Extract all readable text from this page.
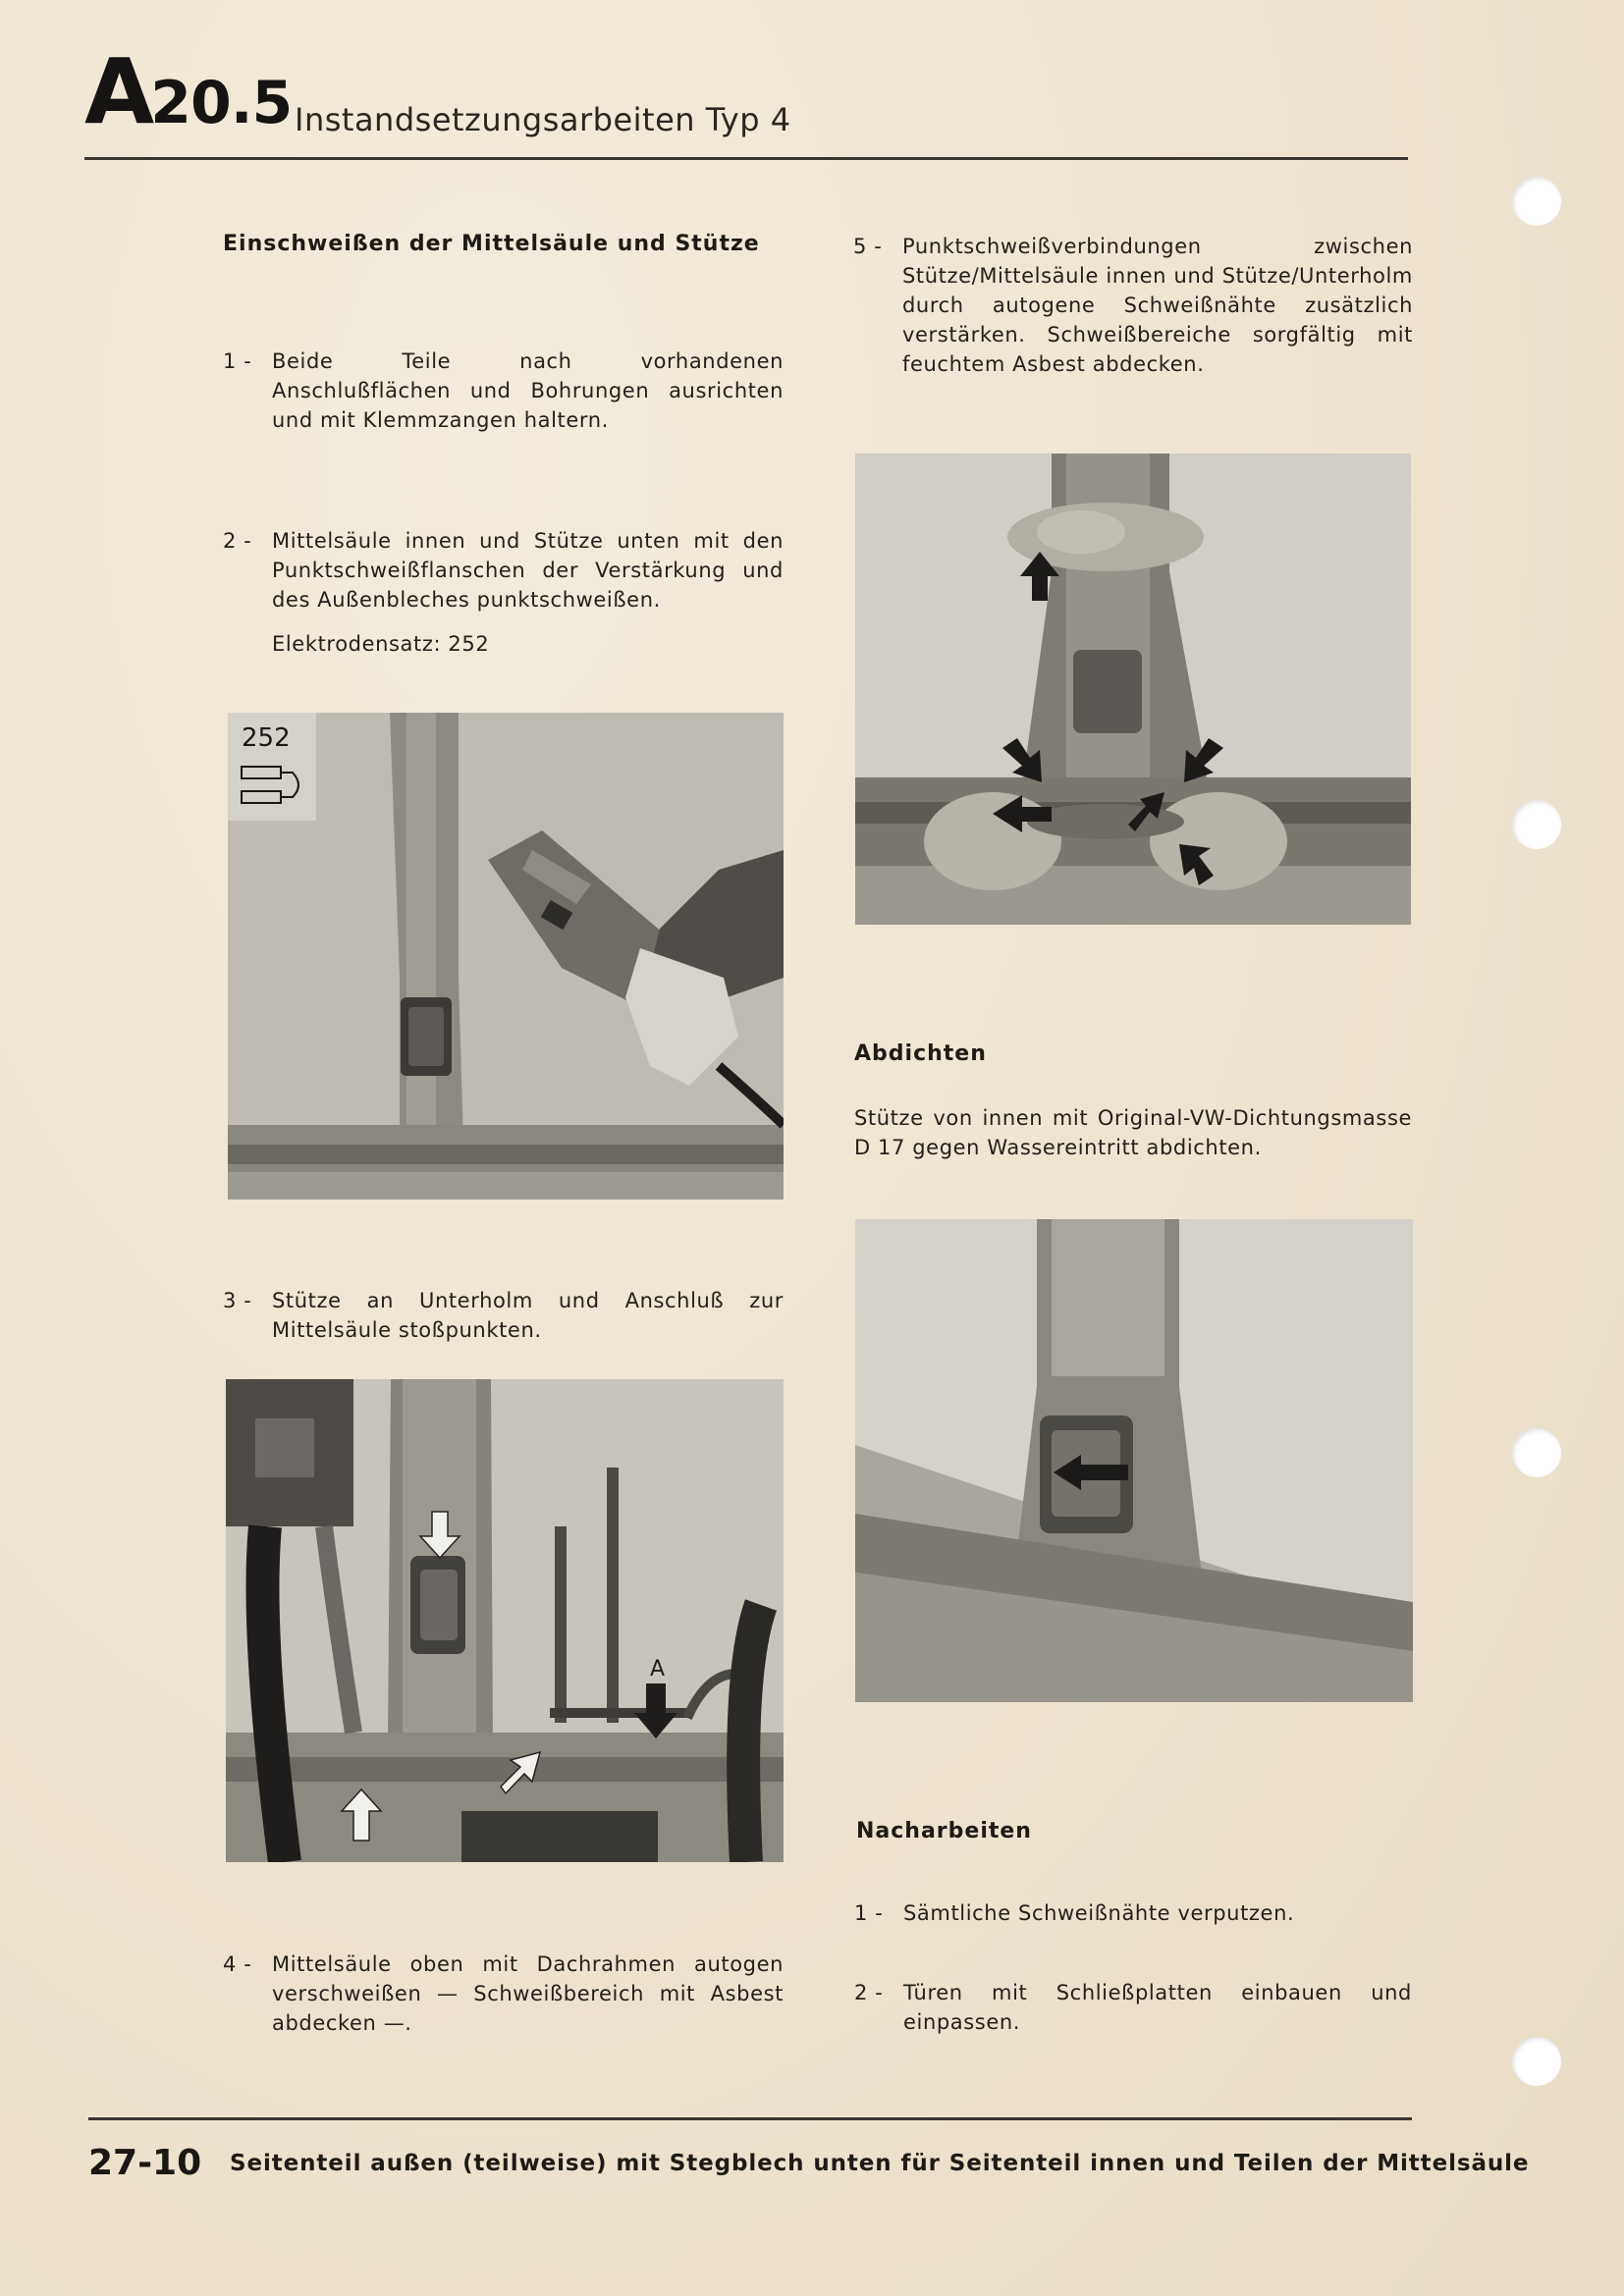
A20.5 Instandsetzungsarbeiten Typ 4
Einschweißen der Mittelsäule und Stütze
1 - Beide Teile nach vorhandenen Anschlußflächen und Bohrungen ausrichten und mit Klemmzangen haltern.
2 - Mittelsäule innen und Stütze unten mit den Punktschweißflanschen der Verstärkung und des Außenbleches punktschweißen.
Elektrodensatz: 252
252
3 - Stütze an Unterholm und Anschluß zur Mittelsäule stoßpunkten.
A
4 - Mittelsäule oben mit Dachrahmen autogen verschweißen — Schweißbereich mit Asbest abdecken —.
5 - Punktschweißverbindungen zwischen Stütze/Mittelsäule innen und Stütze/Unterholm durch autogene Schweißnähte zusätzlich verstärken. Schweißbereiche sorgfältig mit feuchtem Asbest abdecken.
Abdichten
Stütze von innen mit Original-VW-Dichtungsmasse D 17 gegen Wassereintritt abdichten.
Nacharbeiten
1 - Sämtliche Schweißnähte verputzen.
2 - Türen mit Schließplatten einbauen und einpassen.
27-10 Seitenteil außen (teilweise) mit Stegblech unten für Seitenteil innen und Teilen der Mittelsäule
